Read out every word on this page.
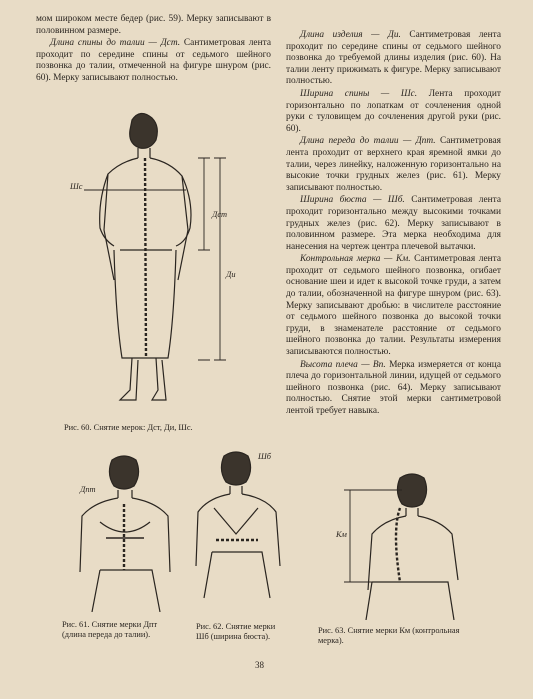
мом широком месте бедер (рис. 59). Мерку записывают в половинном размере.

Длина спины до талии — Дст. Сантиметровая лента проходит по середине спины от седьмого шейного позвонка до талии, отмеченной на фигуре шнуром (рис. 60). Мерку записывают полностью.

Длина изделия — Ди. Сантиметровая лента проходит по середине спины от седьмого шейного позвонка до требуемой длины изделия (рис. 60). На талии ленту прижимать к фигуре. Мерку записывают полностью.

Ширина спины — Шс. Лента проходит горизонтально по лопаткам от сочленения одной руки с туловищем до сочленения другой руки (рис. 60).

Длина переда до талии — Дпт. Сантиметровая лента проходит от верхнего края яремной ямки до талии, через линейку, наложенную горизонтально на высокие точки грудных желез (рис. 61). Мерку записывают полностью.

Ширина бюста — Шб. Сантиметровая лента проходит горизонтально между высокими точками грудных желез (рис. 62). Мерку записывают в половинном размере. Эта мерка необходима для нанесения на чертеж центра плечевой вытачки.

Контрольная мерка — Км. Сантиметровая лента проходит от седьмого шейного позвонка, огибает основание шеи и идет к высокой точке груди, а затем до талии, обозначенной на фигуре шнуром (рис. 63). Мерку записывают дробью: в числителе расстояние от седьмого шейного позвонка до высокой точки груди, в знаменателе расстояние от седьмого шейного позвонка до талии. Результаты измерения записываются полностью.

Высота плеча — Вп. Мерка измеряется от конца плеча до горизонтальной линии, идущей от седьмого шейного позвонка (рис. 64). Мерку записывают полностью. Снятие этой мерки сантиметровой лентой требует навыка.

Шс
Дст
Ди
Рис. 60. Снятие мерок: Дст, Ди, Шс.
Дпт
Рис. 61. Снятие мерки Дпт (длина переда до талии).
Шб
Рис. 62. Снятие мерки Шб (ширина бюста).
Км
Рис. 63. Снятие мерки Км (контрольная мерка).
38
